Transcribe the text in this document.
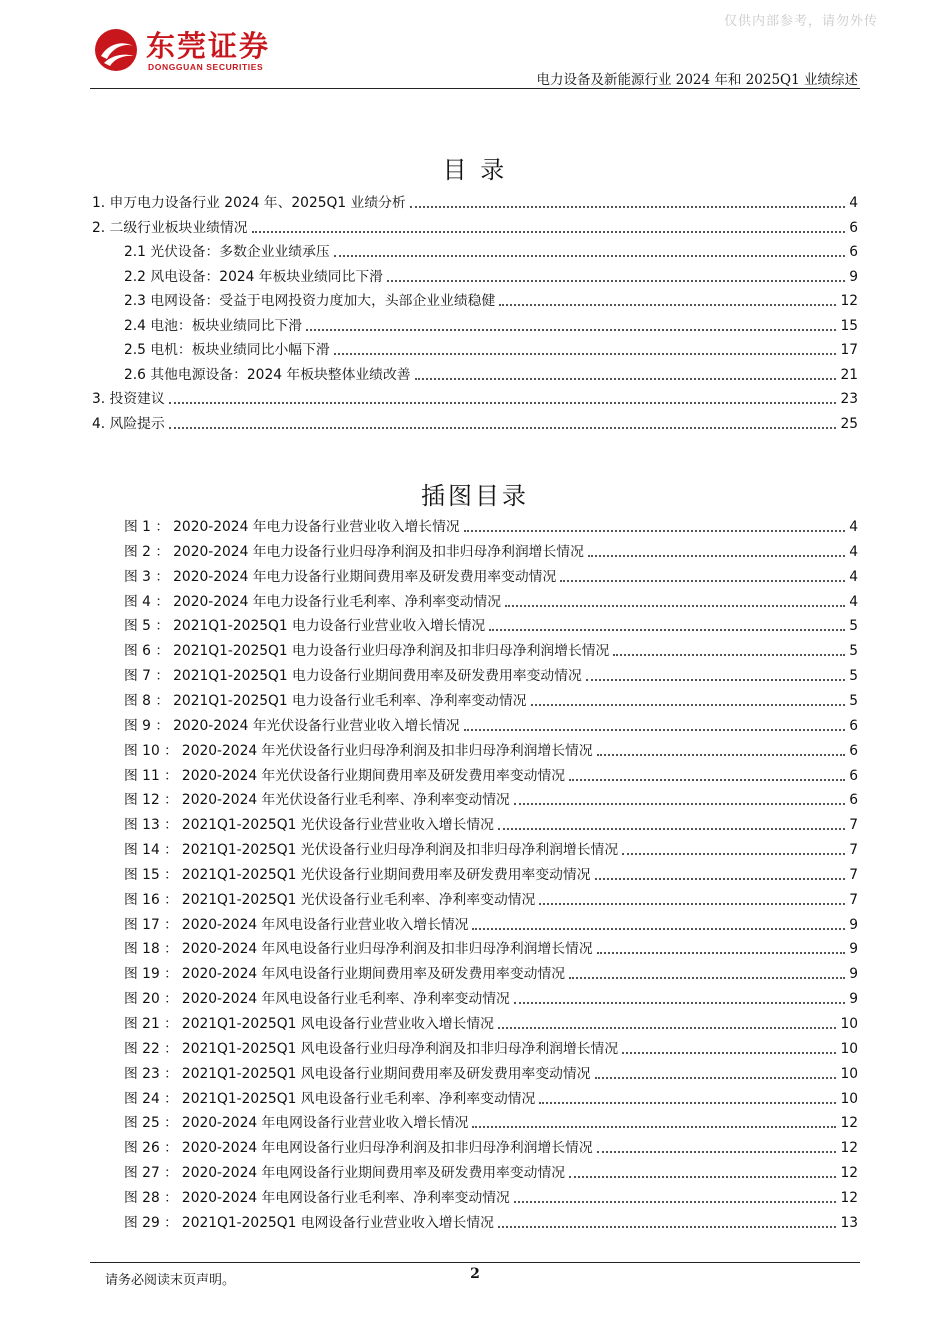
仅供内部参考，请勿外传
东莞证券
DONGGUAN SECURITIES
电力设备及新能源行业 2024 年和 2025Q1 业绩综述
目 录
1. 申万电力设备行业 2024 年、2025Q1 业绩分析	4
2. 二级行业板块业绩情况	6
2.1 光伏设备：多数企业业绩承压	6
2.2 风电设备：2024 年板块业绩同比下滑	9
2.3 电网设备：受益于电网投资力度加大，头部企业业绩稳健	12
2.4 电池：板块业绩同比下滑	15
2.5 电机：板块业绩同比小幅下滑	17
2.6 其他电源设备：2024 年板块整体业绩改善	21
3. 投资建议	23
4. 风险提示	25
插图目录
图 1 ： 2020-2024 年电力设备行业营业收入增长情况	4
图 2 ： 2020-2024 年电力设备行业归母净利润及扣非归母净利润增长情况	4
图 3 ： 2020-2024 年电力设备行业期间费用率及研发费用率变动情况	4
图 4 ： 2020-2024 年电力设备行业毛利率、净利率变动情况	4
图 5 ： 2021Q1-2025Q1 电力设备行业营业收入增长情况	5
图 6 ： 2021Q1-2025Q1 电力设备行业归母净利润及扣非归母净利润增长情况	5
图 7 ： 2021Q1-2025Q1 电力设备行业期间费用率及研发费用率变动情况	5
图 8 ： 2021Q1-2025Q1 电力设备行业毛利率、净利率变动情况	5
图 9 ： 2020-2024 年光伏设备行业营业收入增长情况	6
图 10 ： 2020-2024 年光伏设备行业归母净利润及扣非归母净利润增长情况	6
图 11 ： 2020-2024 年光伏设备行业期间费用率及研发费用率变动情况	6
图 12 ： 2020-2024 年光伏设备行业毛利率、净利率变动情况	6
图 13 ： 2021Q1-2025Q1 光伏设备行业营业收入增长情况	7
图 14 ： 2021Q1-2025Q1 光伏设备行业归母净利润及扣非归母净利润增长情况	7
图 15 ： 2021Q1-2025Q1 光伏设备行业期间费用率及研发费用率变动情况	7
图 16 ： 2021Q1-2025Q1 光伏设备行业毛利率、净利率变动情况	7
图 17 ： 2020-2024 年风电设备行业营业收入增长情况	9
图 18 ： 2020-2024 年风电设备行业归母净利润及扣非归母净利润增长情况	9
图 19 ： 2020-2024 年风电设备行业期间费用率及研发费用率变动情况	9
图 20 ： 2020-2024 年风电设备行业毛利率、净利率变动情况	9
图 21 ： 2021Q1-2025Q1 风电设备行业营业收入增长情况	10
图 22 ： 2021Q1-2025Q1 风电设备行业归母净利润及扣非归母净利润增长情况	10
图 23 ： 2021Q1-2025Q1 风电设备行业期间费用率及研发费用率变动情况	10
图 24 ： 2021Q1-2025Q1 风电设备行业毛利率、净利率变动情况	10
图 25 ： 2020-2024 年电网设备行业营业收入增长情况	12
图 26 ： 2020-2024 年电网设备行业归母净利润及扣非归母净利润增长情况	12
图 27 ： 2020-2024 年电网设备行业期间费用率及研发费用率变动情况	12
图 28 ： 2020-2024 年电网设备行业毛利率、净利率变动情况	12
图 29 ： 2021Q1-2025Q1 电网设备行业营业收入增长情况	13
请务必阅读末页声明。	2
